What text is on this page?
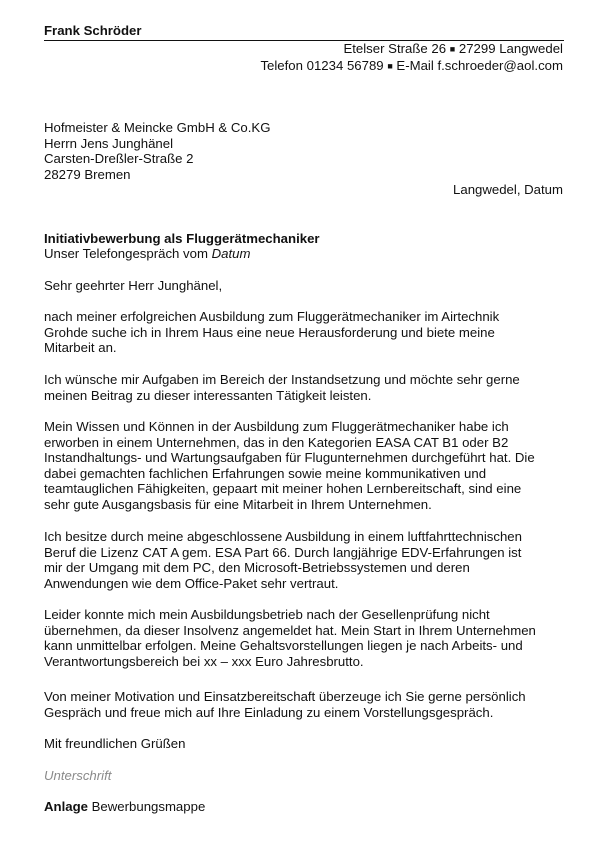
Frank Schröder
Etelser Straße 26 ■ 27299 Langwedel
Telefon 01234 56789 ■ E-Mail f.schroeder@aol.com
Hofmeister & Meincke GmbH & Co.KG
Herrn Jens Junghänel
Carsten-Dreßler-Straße 2
28279 Bremen
Langwedel, Datum
Initiativbewerbung als Fluggerätmechaniker
Unser Telefongespräch vom Datum
Sehr geehrter Herr Junghänel,
nach meiner erfolgreichen Ausbildung zum Fluggerätmechaniker im Airtechnik
Grohde suche ich in Ihrem Haus eine neue Herausforderung und biete meine
Mitarbeit an.
Ich wünsche mir Aufgaben im Bereich der Instandsetzung und möchte sehr gerne
meinen Beitrag zu dieser interessanten Tätigkeit leisten.
Mein Wissen und Können in der Ausbildung zum Fluggerätmechaniker habe ich
erworben in einem Unternehmen, das in den Kategorien EASA CAT B1 oder B2
Instandhaltungs- und Wartungsaufgaben für Flugunternehmen durchgeführt hat. Die
dabei gemachten fachlichen Erfahrungen sowie meine kommunikativen und
teamtauglichen Fähigkeiten, gepaart mit meiner hohen Lernbereitschaft, sind eine
sehr gute Ausgangsbasis für eine Mitarbeit in Ihrem Unternehmen.
Ich besitze durch meine abgeschlossene Ausbildung in einem luftfahrttechnischen
Beruf die Lizenz CAT A gem. ESA Part 66. Durch langjährige EDV-Erfahrungen ist
mir der Umgang mit dem PC, den Microsoft-Betriebssystemen und deren
Anwendungen wie dem Office-Paket sehr vertraut.
Leider konnte mich mein Ausbildungsbetrieb nach der Gesellenprüfung nicht
übernehmen, da dieser Insolvenz angemeldet hat. Mein Start in Ihrem Unternehmen
kann unmittelbar erfolgen. Meine Gehaltsvorstellungen liegen je nach Arbeits- und
Verantwortungsbereich bei xx – xxx Euro Jahresbrutto.
Von meiner Motivation und Einsatzbereitschaft überzeuge ich Sie gerne persönlich
Gespräch und freue mich auf Ihre Einladung zu einem Vorstellungsgespräch.
Mit freundlichen Grüßen
Unterschrift
Anlage Bewerbungsmappe
